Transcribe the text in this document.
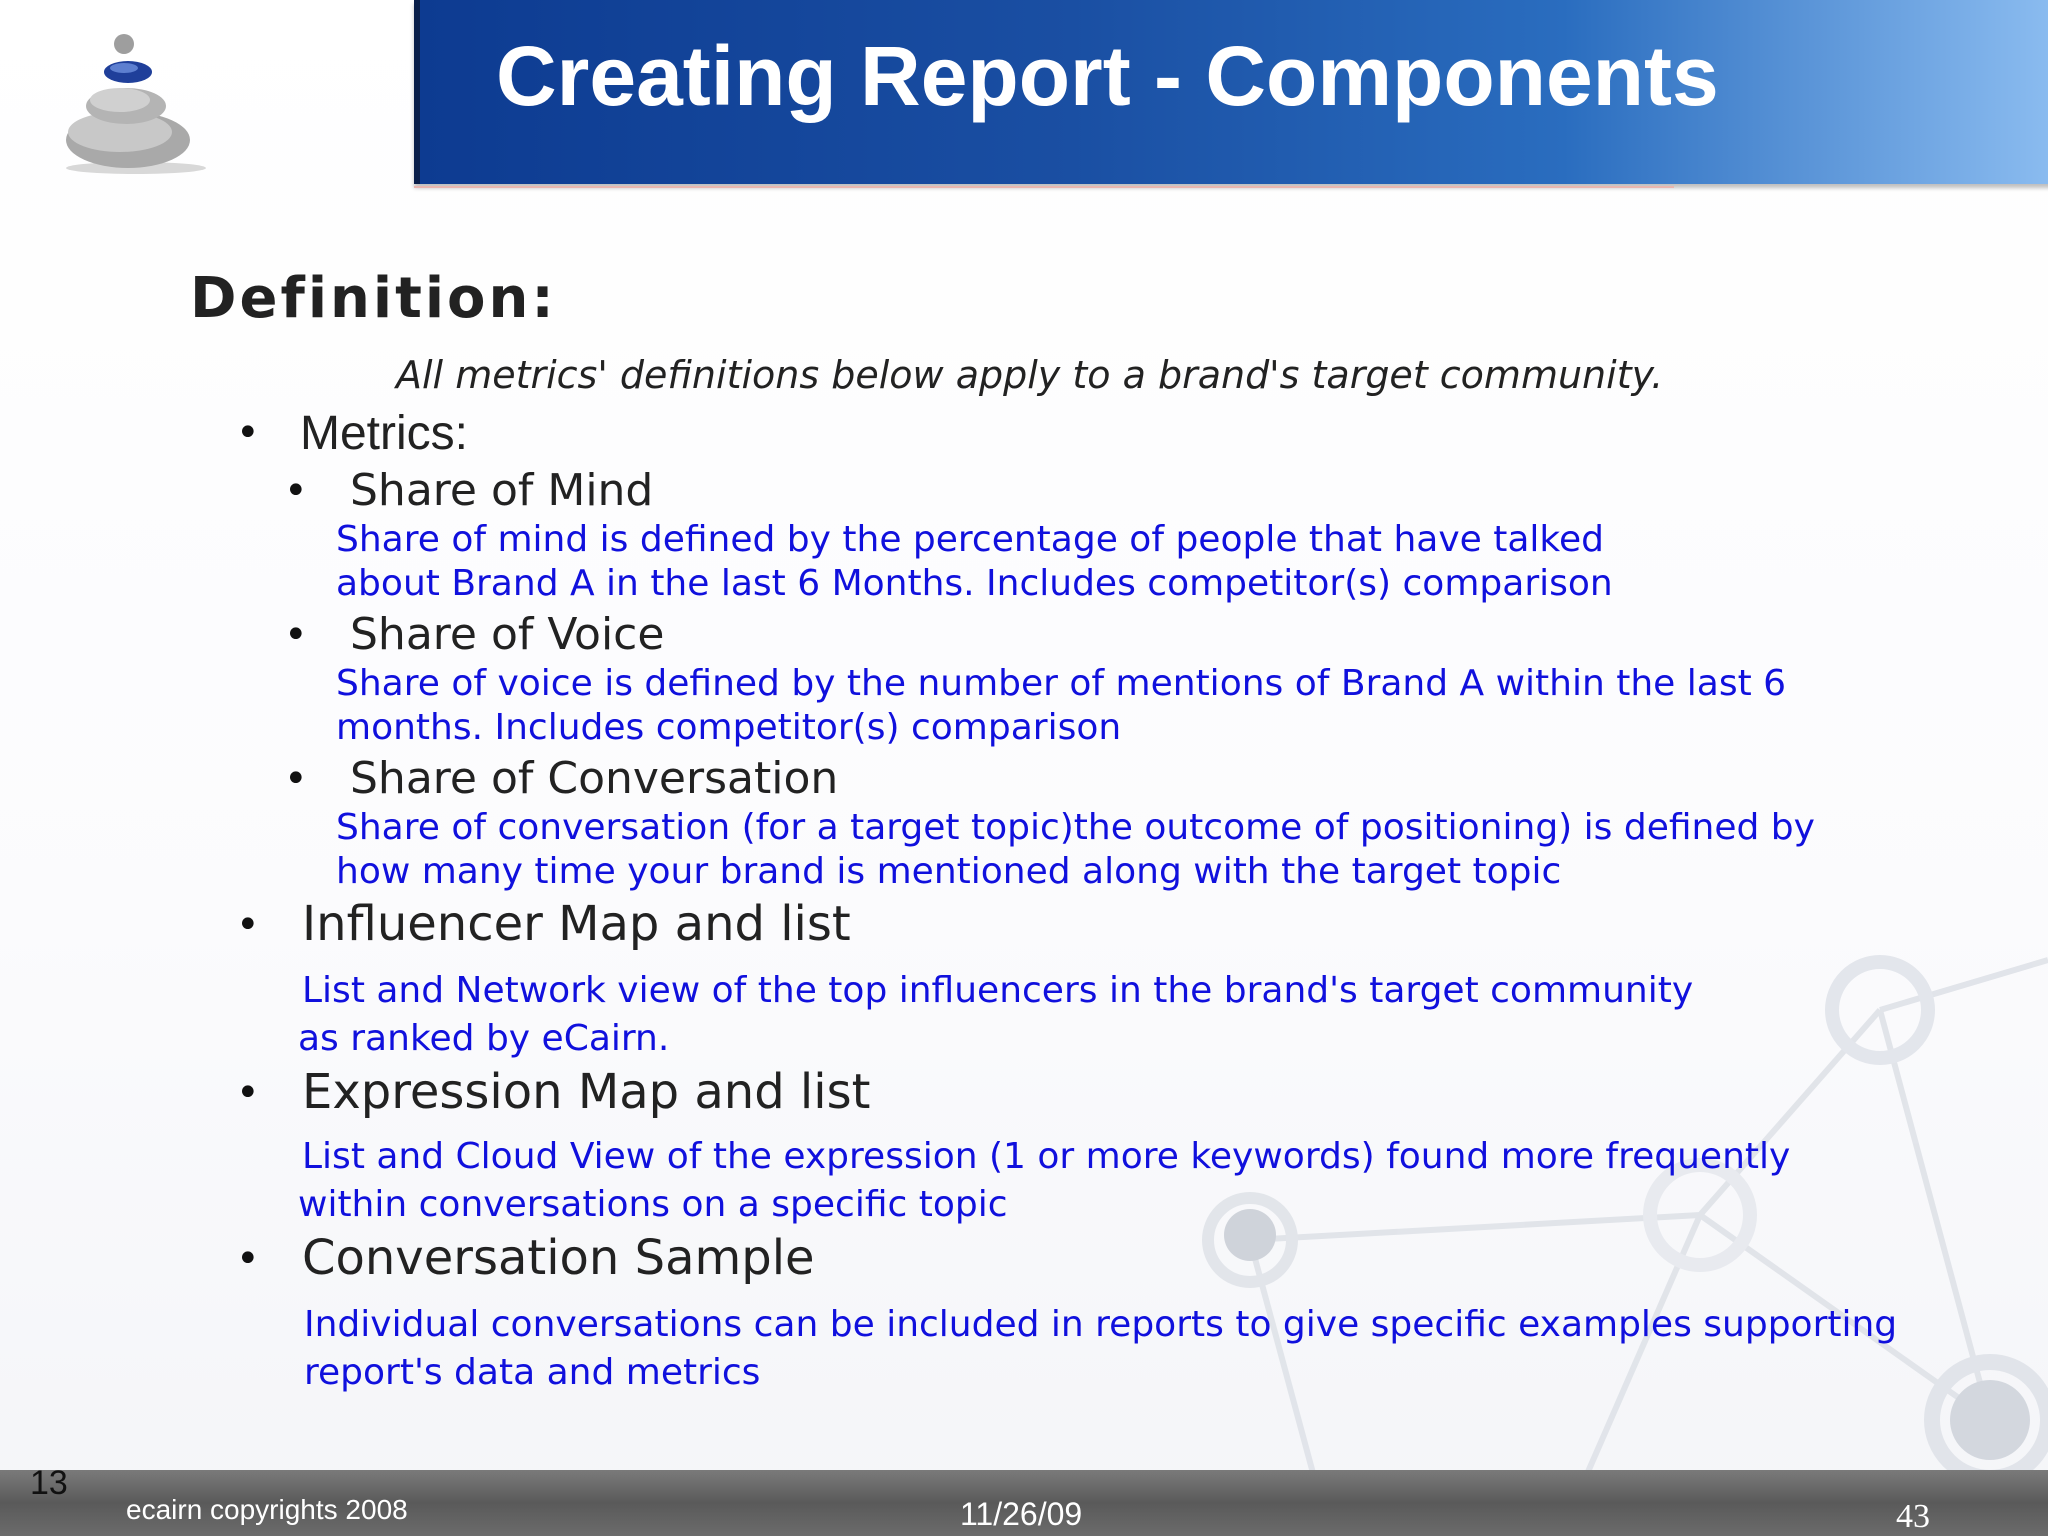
Creating Report - Components
Definition:
All metrics' definitions below apply to a brand's target community.
• Metrics:
• Share of Mind
Share of mind is defined by the percentage of people that have talked
about Brand A in the last 6 Months. Includes competitor(s) comparison
• Share of Voice
Share of voice is defined by the number of mentions of Brand A within the last 6
months. Includes competitor(s) comparison
• Share of Conversation
Share of conversation (for a target topic)the outcome of positioning) is defined by
how many time your brand is mentioned along with the target topic
• Influencer Map and list
List and Network view of the top influencers in the brand's target community
as ranked by eCairn.
• Expression Map and list
List and Cloud View of the expression (1 or more keywords) found more frequently
within conversations on a specific topic
• Conversation Sample
Individual conversations can be included in reports to give specific examples supporting
report's data and metrics
13
ecairn copyrights 2008	11/26/09	43
